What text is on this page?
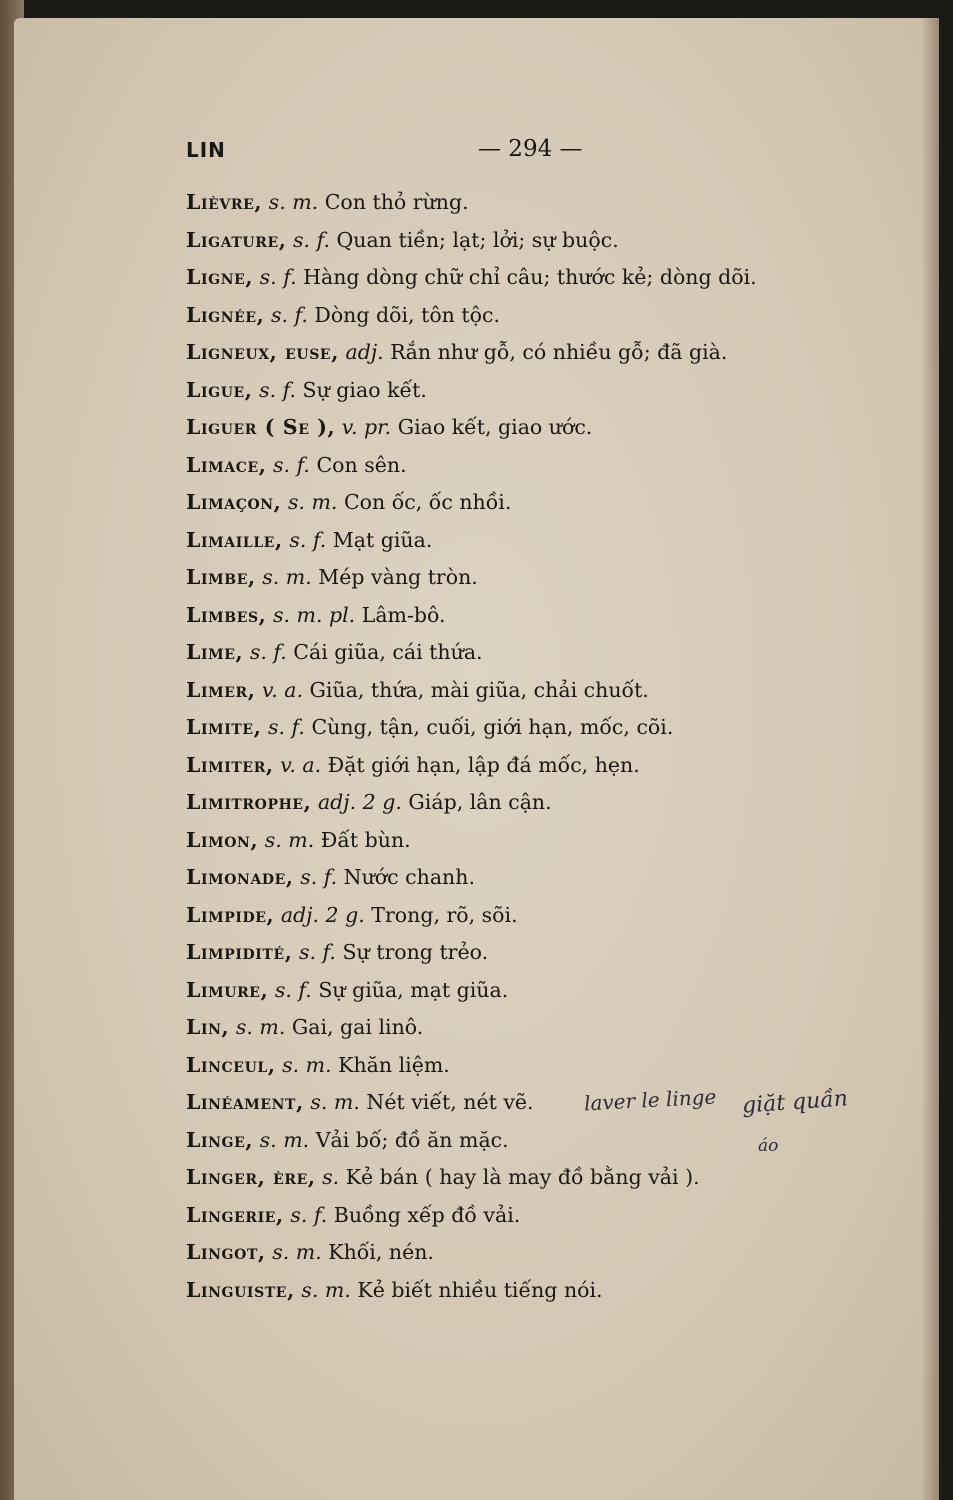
LIN	— 294 —
Lièvre, s. m. Con thỏ rừng.
Ligature, s. f. Quan tiền; lạt; lởi; sự buộc.
Ligne, s. f. Hàng dòng chữ chỉ câu; thước kẻ; dòng dõi.
Lignée, s. f. Dòng dõi, tôn tộc.
Ligneux, euse, adj. Rắn như gỗ, có nhiều gỗ; đã già.
Ligue, s. f. Sự giao kết.
Liguer ( Se ), v. pr. Giao kết, giao ước.
Limace, s. f. Con sên.
Limaçon, s. m. Con ốc, ốc nhồi.
Limaille, s. f. Mạt giũa.
Limbe, s. m. Mép vàng tròn.
Limbes, s. m. pl. Lâm-bô.
Lime, s. f. Cái giũa, cái thứa.
Limer, v. a. Giũa, thứa, mài giũa, chải chuốt.
Limite, s. f. Cùng, tận, cuối, giới hạn, mốc, cõi.
Limiter, v. a. Đặt giới hạn, lập đá mốc, hẹn.
Limitrophe, adj. 2 g. Giáp, lân cận.
Limon, s. m. Đất bùn.
Limonade, s. f. Nước chanh.
Limpide, adj. 2 g. Trong, rõ, sõi.
Limpidité, s. f. Sự trong trẻo.
Limure, s. f. Sự giũa, mạt giũa.
Lin, s. m. Gai, gai linô.
Linceul, s. m. Khăn liệm.
Linéament, s. m. Nét viết, nét vẽ.
Linge, s. m. Vải bố; đồ ăn mặc.
Linger, ère, s. Kẻ bán ( hay là may đồ bằng vải ).
Lingerie, s. f. Buồng xếp đồ vải.
Lingot, s. m. Khối, nén.
Linguiste, s. m. Kẻ biết nhiều tiếng nói.
laver le linge giặt quần
áo
